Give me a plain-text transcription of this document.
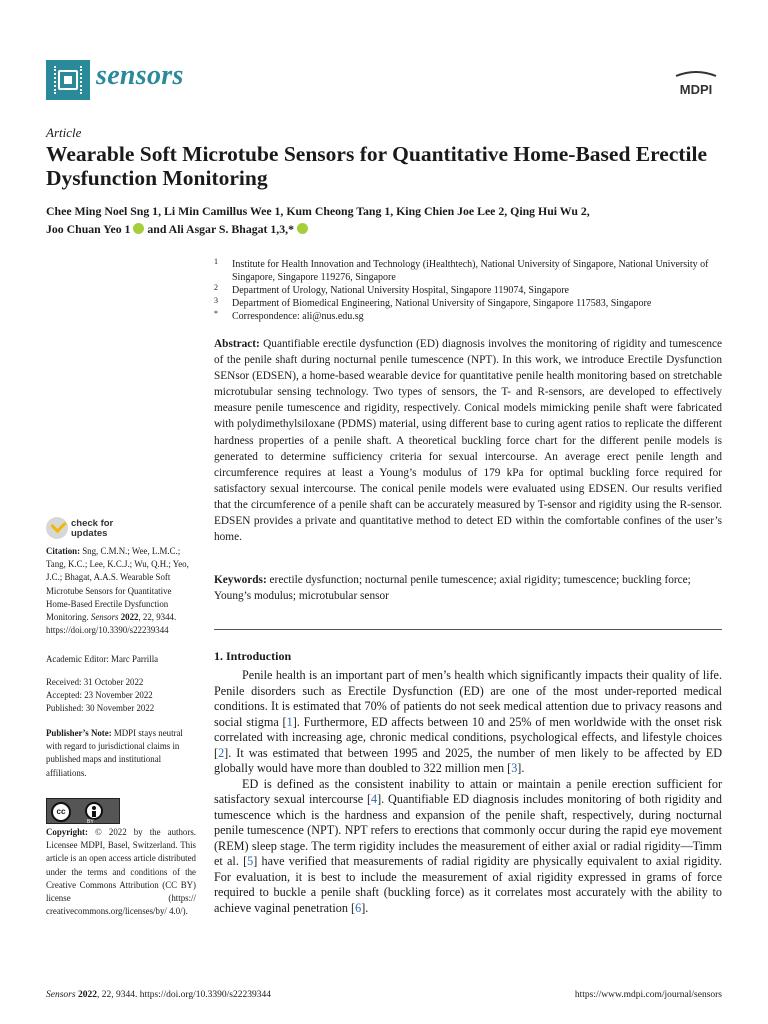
sensors	MDPI
Article
Wearable Soft Microtube Sensors for Quantitative Home-Based Erectile Dysfunction Monitoring
Chee Ming Noel Sng 1, Li Min Camillus Wee 1, Kum Cheong Tang 1, King Chien Joe Lee 2, Qing Hui Wu 2,
Joo Chuan Yeo 1  and Ali Asgar S. Bhagat 1,3,*
1 Institute for Health Innovation and Technology (iHealthtech), National University of Singapore, National University of Singapore, Singapore 119276, Singapore
2 Department of Urology, National University Hospital, Singapore 119074, Singapore
3 Department of Biomedical Engineering, National University of Singapore, Singapore 117583, Singapore
* Correspondence: ali@nus.edu.sg
Abstract: Quantifiable erectile dysfunction (ED) diagnosis involves the monitoring of rigidity and tumescence of the penile shaft during nocturnal penile tumescence (NPT). In this work, we introduce Erectile Dysfunction SENsor (EDSEN), a home-based wearable device for quantitative penile health monitoring based on stretchable microtubular sensing technology. Two types of sensors, the T- and R-sensors, are developed to effectively measure penile tumescence and rigidity, respectively. Conical models mimicking penile shaft were fabricated with polydimethylsiloxane (PDMS) material, using different base to curing agent ratios to replicate the different hardness properties of a penile shaft. A theoretical buckling force chart for the different penile models is generated to determine sufficiency criteria for sexual intercourse. An average erect penile length and circumference requires at least a Young’s modulus of 179 kPa for optimal buckling force required for satisfactory sexual intercourse. The conical penile models were evaluated using EDSEN. Our results verified that the circumference of a penile shaft can be accurately measured by T-sensor and rigidity using the R-sensor. EDSEN provides a private and quantitative method to detect ED within the comfortable confines of the user’s home.
Keywords: erectile dysfunction; nocturnal penile tumescence; axial rigidity; tumescence; buckling force; Young’s modulus; microtubular sensor
check for
updates
Citation: Sng, C.M.N.; Wee, L.M.C.; Tang, K.C.; Lee, K.C.J.; Wu, Q.H.; Yeo, J.C.; Bhagat, A.A.S. Wearable Soft Microtube Sensors for Quantitative Home-Based Erectile Dysfunction Monitoring. Sensors 2022, 22, 9344. https://doi.org/10.3390/s22239344
Academic Editor: Marc Parrilla
Received: 31 October 2022
Accepted: 23 November 2022
Published: 30 November 2022
Publisher’s Note: MDPI stays neutral with regard to jurisdictional claims in published maps and institutional affiliations.
cc
BY
Copyright: © 2022 by the authors. Licensee MDPI, Basel, Switzerland. This article is an open access article distributed under the terms and conditions of the Creative Commons Attribution (CC BY) license (https:// creativecommons.org/licenses/by/ 4.0/).
1. Introduction

Penile health is an important part of men’s health which significantly impacts their quality of life. Penile disorders such as Erectile Dysfunction (ED) are one of the most under-reported medical conditions. It is estimated that 70% of patients do not seek medical attention due to privacy reasons and social stigma [1]. Furthermore, ED affects between 10 and 25% of men worldwide with the onset risk correlated with increasing age, chronic medical conditions, psychological effects, and lifestyle choices [2]. It was estimated that between 1995 and 2025, the number of men likely to be affected by ED globally would have more than doubled to 322 million men [3].

ED is defined as the consistent inability to attain or maintain a penile erection sufficient for satisfactory sexual intercourse [4]. Quantifiable ED diagnosis includes monitoring of both rigidity and tumescence which is the hardness and expansion of the penile shaft, respectively, during nocturnal penile tumescence (NPT). NPT refers to erections that commonly occur during the rapid eye movement (REM) sleep stage. The term rigidity includes the measurement of either axial or radial rigidity—Timm et al. [5] have verified that measurements of radial rigidity are physically equivalent to axial rigidity. For evaluation, it is best to include the measurement of axial rigidity expressed in grams of force required to buckle a penile shaft (buckling force) as it correlates most accurately with the ability to achieve vaginal penetration [6].

Sensors 2022, 22, 9344. https://doi.org/10.3390/s22239344	https://www.mdpi.com/journal/sensors
